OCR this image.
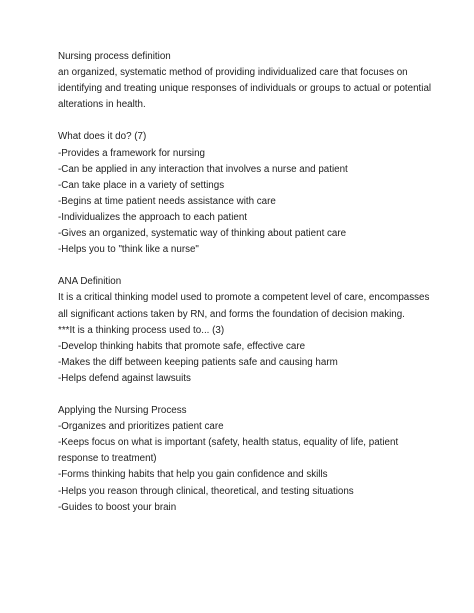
Nursing process definition
an organized, systematic method of providing individualized care that focuses on
identifying and treating unique responses of individuals or groups to actual or potential
alterations in health.
What does it do? (7)
-Provides a framework for nursing
-Can be applied in any interaction that involves a nurse and patient
-Can take place in a variety of settings
-Begins at time patient needs assistance with care
-Individualizes the approach to each patient
-Gives an organized, systematic way of thinking about patient care
-Helps you to "think like a nurse"
ANA Definition
It is a critical thinking model used to promote a competent level of care, encompasses
all significant actions taken by RN, and forms the foundation of decision making.
***It is a thinking process used to... (3)
-Develop thinking habits that promote safe, effective care
-Makes the diff between keeping patients safe and causing harm
-Helps defend against lawsuits
Applying the Nursing Process
-Organizes and prioritizes patient care
-Keeps focus on what is important (safety, health status, equality of life, patient
response to treatment)
-Forms thinking habits that help you gain confidence and skills
-Helps you reason through clinical, theoretical, and testing situations
-Guides to boost your brain
